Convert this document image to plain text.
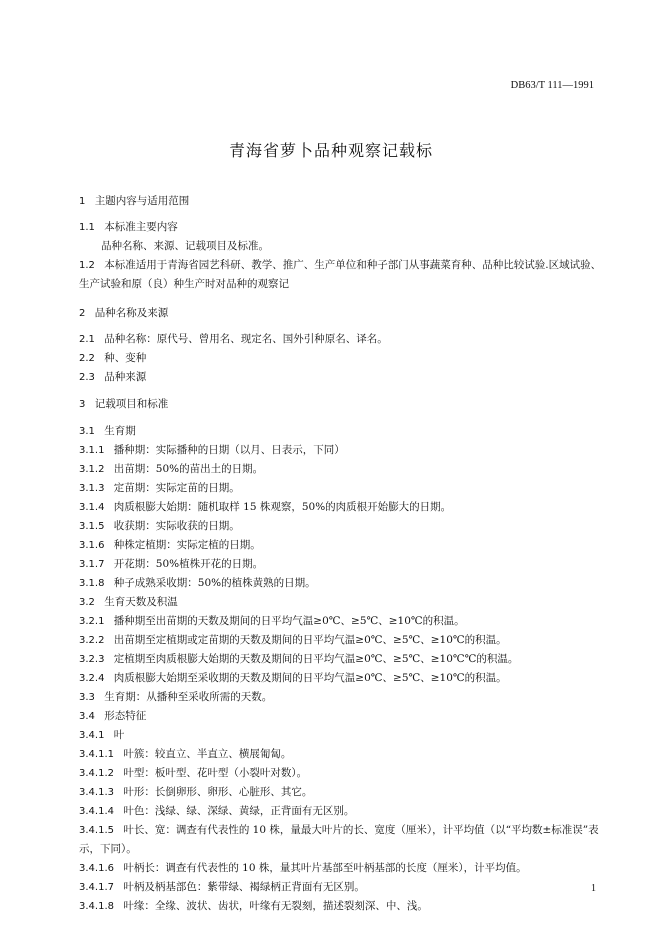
DB63/T 111—1991
青海省萝卜品种观察记载标
1 主题内容与适用范围
1.1 本标准主要内容
品种名称、来源、记载项目及标准。
1.2 本标准适用于青海省园艺科研、教学、推广、生产单位和种子部门从事蔬菜育种、品种比较试验.区域试验、生产试验和原（良）种生产时对品种的观察记
2 品种名称及来源
2.1 品种名称：原代号、曾用名、现定名、国外引种原名、译名。
2.2 种、变种
2.3 品种来源
3 记载项目和标准
3.1 生育期
3.1.1 播种期：实际播种的日期（以月、日表示，下同）
3.1.2 出苗期：50%的苗出土的日期。
3.1.3 定苗期：实际定苗的日期。
3.1.4 肉质根膨大始期：随机取样 15 株观察，50%的肉质根开始膨大的日期。
3.1.5 收获期：实际收获的日期。
3.1.6 种株定植期：实际定植的日期。
3.1.7 开花期：50%植株开花的日期。
3.1.8 种子成熟采收期：50%的植株黄熟的日期。
3.2 生育天数及积温
3.2.1 播种期至出苗期的天数及期间的日平均气温≥0℃、≥5℃、≥10℃的积温。
3.2.2 出苗期至定植期或定苗期的天数及期间的日平均气温≥0℃、≥5℃、≥10℃的积温。
3.2.3 定植期至肉质根膨大始期的天数及期间的日平均气温≥0℃、≥5℃、≥10℃℃的积温。
3.2.4 肉质根膨大始期至采收期的天数及期间的日平均气温≥0℃、≥5℃、≥10℃的积温。
3.3 生育期：从播种至采收所需的天数。
3.4 形态特征
3.4.1 叶
3.4.1.1 叶簇：较直立、半直立、横展匍匐。
3.4.1.2 叶型：板叶型、花叶型（小裂叶对数）。
3.4.1.3 叶形：长倒卵形、卵形、心脏形、其它。
3.4.1.4 叶色：浅绿、绿、深绿、黄绿，正背面有无区别。
3.4.1.5 叶长、宽：调查有代表性的 10 株，量最大叶片的长、宽度（厘米），计平均值（以“平均数±标准误”表示，下同）。
3.4.1.6 叶柄长：调查有代表性的 10 株，量其叶片基部至叶柄基部的长度（厘米），计平均值。
3.4.1.7 叶柄及柄基部色：紫带绿、褐绿柄正背面有无区别。
3.4.1.8 叶缘：全缘、波状、齿状，叶缘有无裂刻，描述裂刻深、中、浅。
1
